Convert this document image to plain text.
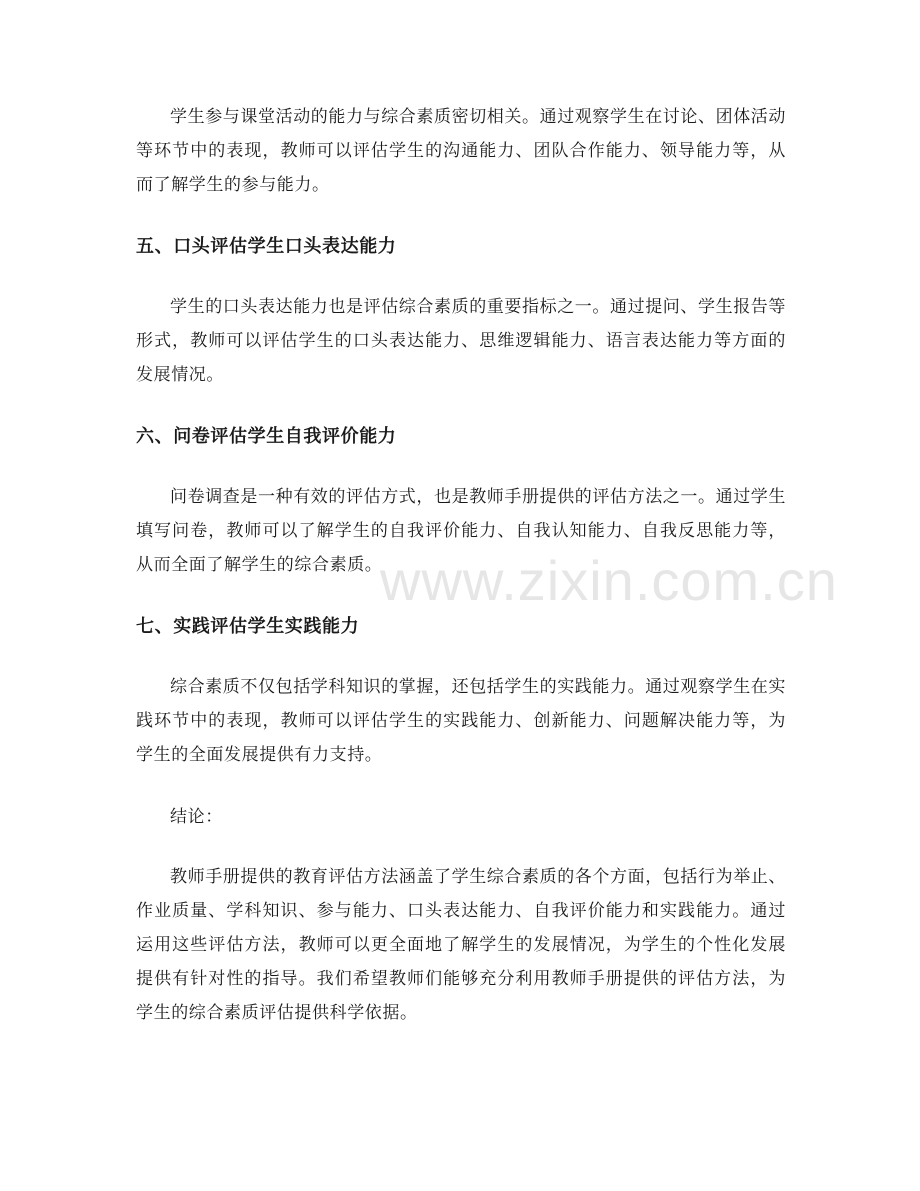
学生参与课堂活动的能力与综合素质密切相关。通过观察学生在讨论、团体活动等环节中的表现，教师可以评估学生的沟通能力、团队合作能力、领导能力等，从而了解学生的参与能力。

五、口头评估学生口头表达能力

学生的口头表达能力也是评估综合素质的重要指标之一。通过提问、学生报告等形式，教师可以评估学生的口头表达能力、思维逻辑能力、语言表达能力等方面的发展情况。

六、问卷评估学生自我评价能力

问卷调查是一种有效的评估方式，也是教师手册提供的评估方法之一。通过学生填写问卷，教师可以了解学生的自我评价能力、自我认知能力、自我反思能力等，从而全面了解学生的综合素质。

七、实践评估学生实践能力

综合素质不仅包括学科知识的掌握，还包括学生的实践能力。通过观察学生在实践环节中的表现，教师可以评估学生的实践能力、创新能力、问题解决能力等，为学生的全面发展提供有力支持。

结论：

教师手册提供的教育评估方法涵盖了学生综合素质的各个方面，包括行为举止、作业质量、学科知识、参与能力、口头表达能力、自我评价能力和实践能力。通过运用这些评估方法，教师可以更全面地了解学生的发展情况，为学生的个性化发展提供有针对性的指导。我们希望教师们能够充分利用教师手册提供的评估方法，为学生的综合素质评估提供科学依据。

www.zixin.com.cn
